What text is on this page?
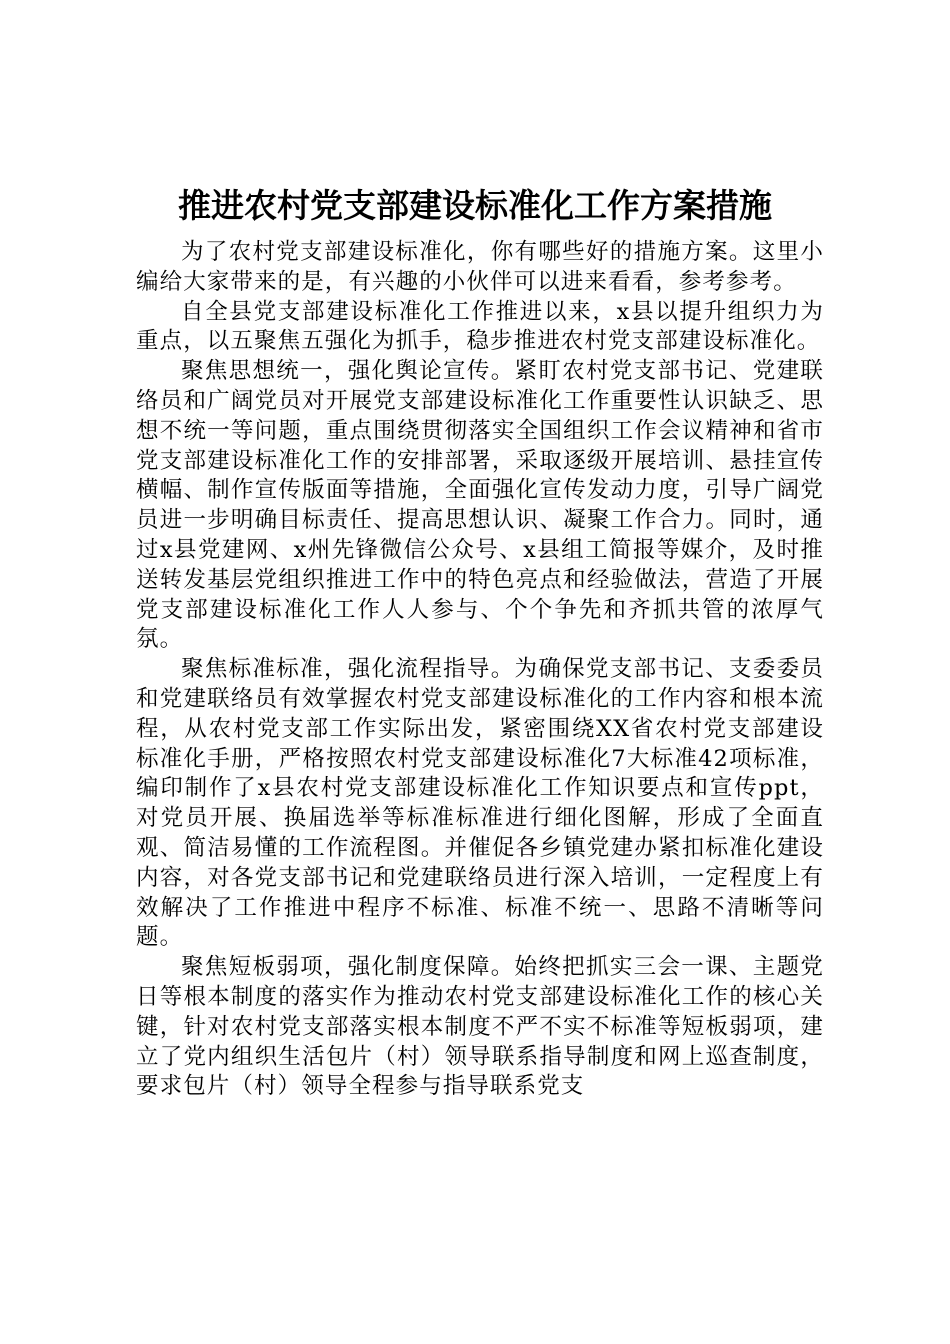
推进农村党支部建设标准化工作方案措施

为了农村党支部建设标准化，你有哪些好的措施方案。这里小编给大家带来的是，有兴趣的小伙伴可以进来看看，参考参考。

自全县党支部建设标准化工作推进以来，x县以提升组织力为重点，以五聚焦五强化为抓手，稳步推进农村党支部建设标准化。

聚焦思想统一，强化舆论宣传。紧盯农村党支部书记、党建联络员和广阔党员对开展党支部建设标准化工作重要性认识缺乏、思想不统一等问题，重点围绕贯彻落实全国组织工作会议精神和省市党支部建设标准化工作的安排部署，采取逐级开展培训、悬挂宣传横幅、制作宣传版面等措施，全面强化宣传发动力度，引导广阔党员进一步明确目标责任、提高思想认识、凝聚工作合力。同时，通过x县党建网、x州先锋微信公众号、x县组工简报等媒介，及时推送转发基层党组织推进工作中的特色亮点和经验做法，营造了开展党支部建设标准化工作人人参与、个个争先和齐抓共管的浓厚气氛。

聚焦标准标准，强化流程指导。为确保党支部书记、支委委员和党建联络员有效掌握农村党支部建设标准化的工作内容和根本流程，从农村党支部工作实际出发，紧密围绕XX省农村党支部建设标准化手册，严格按照农村党支部建设标准化7大标准42项标准，编印制作了x县农村党支部建设标准化工作知识要点和宣传ppt，对党员开展、换届选举等标准标准进行细化图解，形成了全面直观、简洁易懂的工作流程图。并催促各乡镇党建办紧扣标准化建设内容，对各党支部书记和党建联络员进行深入培训，一定程度上有效解决了工作推进中程序不标准、标准不统一、思路不清晰等问题。

聚焦短板弱项，强化制度保障。始终把抓实三会一课、主题党日等根本制度的落实作为推动农村党支部建设标准化工作的核心关键，针对农村党支部落实根本制度不严不实不标准等短板弱项，建立了党内组织生活包片（村）领导联系指导制度和网上巡查制度，要求包片（村）领导全程参与指导联系党支
